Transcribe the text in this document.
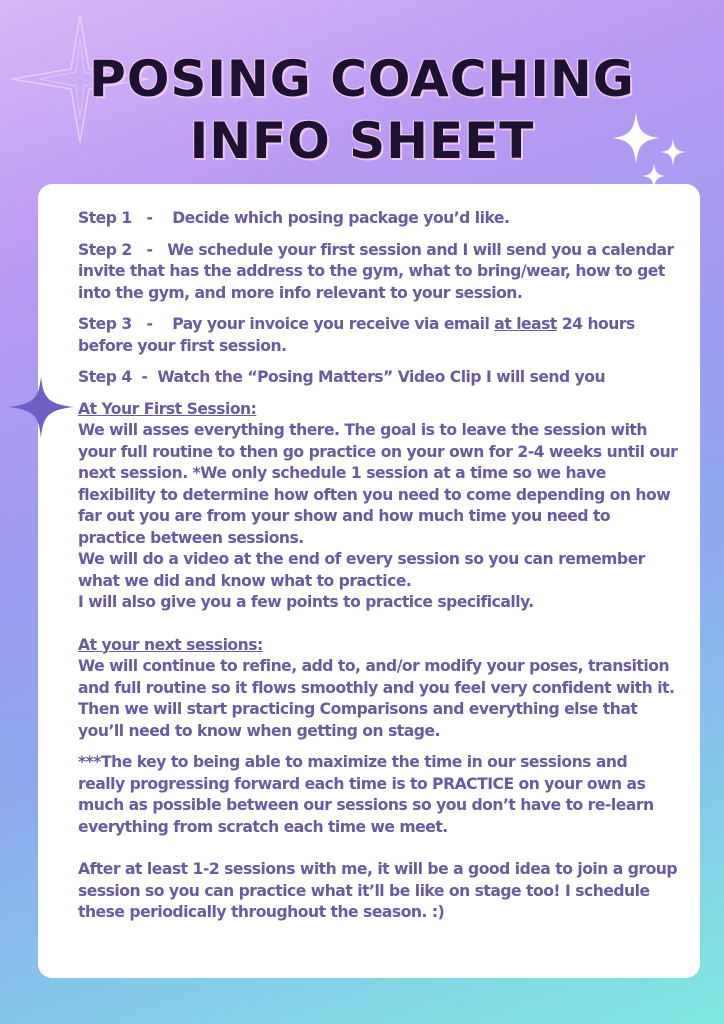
POSING COACHING
INFO SHEET

Step 1   -    Decide which posing package you’d like.

Step 2   -   We schedule your first session and I will send you a calendar invite that has the address to the gym, what to bring/wear, how to get into the gym, and more info relevant to your session.

Step 3   -    Pay your invoice you receive via email at least 24 hours before your first session.

Step 4  -  Watch the “Posing Matters” Video Clip I will send you

At Your First Session:

We will asses everything there. The goal is to leave the session with your full routine to then go practice on your own for 2-4 weeks until our next session. *We only schedule 1 session at a time so we have flexibility to determine how often you need to come depending on how far out you are from your show and how much time you need to practice between sessions.

We will do a video at the end of every session so you can remember what we did and know what to practice.

I will also give you a few points to practice specifically.

At your next sessions:

We will continue to refine, add to, and/or modify your poses, transition and full routine so it flows smoothly and you feel very confident with it. Then we will start practicing Comparisons and everything else that you’ll need to know when getting on stage.

***The key to being able to maximize the time in our sessions and really progressing forward each time is to PRACTICE on your own as much as possible between our sessions so you don’t have to re-learn everything from scratch each time we meet.

After at least 1-2 sessions with me, it will be a good idea to join a group session so you can practice what it’ll be like on stage too! I schedule these periodically throughout the season. :)
